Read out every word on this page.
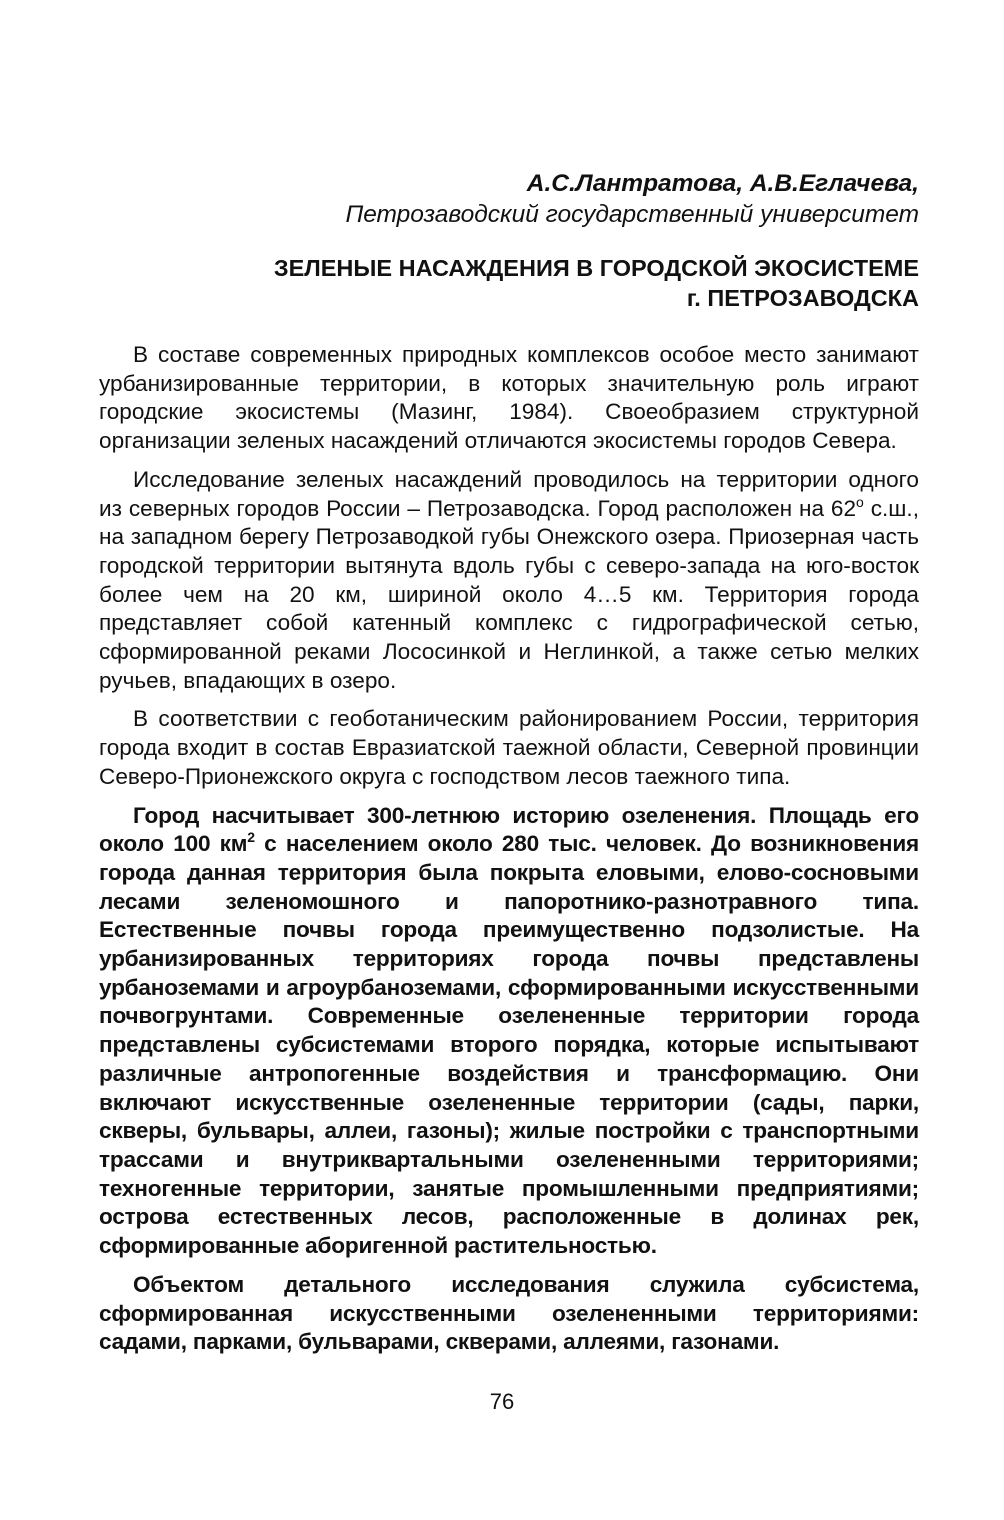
А.С.Лантратова, А.В.Еглачева,
Петрозаводский государственный университет
ЗЕЛЕНЫЕ НАСАЖДЕНИЯ В ГОРОДСКОЙ ЭКОСИСТЕМЕ
г. ПЕТРОЗАВОДСКА

В составе современных природных комплексов особое место занимают урбанизированные территории, в которых значительную роль играют городские экосистемы (Мазинг, 1984). Своеобразием структурной организации зеленых насаждений отличаются экосистемы городов Севера.

Исследование зеленых насаждений проводилось на территории одного из северных городов России – Петрозаводска. Город расположен на $62^о$ с.ш., на западном берегу Петрозаводкой губы Онежского озера. Приозерная часть городской территории вытянута вдоль губы с северо-запада на юго-восток более чем на 20 км, шириной около 4…5 км. Территория города представляет собой катенный комплекс с гидрографической сетью, сформированной реками Лососинкой и Неглинкой, а также сетью мелких ручьев, впадающих в озеро.

В соответствии с геоботаническим районированием России, территория города входит в состав Евразиатской таежной области, Северной провинции Северо-Прионежского округа с господством лесов таежного типа.

Город насчитывает 300-летнюю историю озеленения. Площадь его около 100 $км^2$ с населением около 280 тыс. человек. До возникновения города данная территория была покрыта еловыми, елово-сосновыми лесами зеленомошного и папоротнико-разнотравного типа. Естественные почвы города преимущественно подзолистые. На урбанизированных территориях города почвы представлены урбаноземами и агроурбаноземами, сформированными искусственными почвогрунтами. Современные озелененные территории города представлены субсистемами второго порядка, которые испытывают различные антропогенные воздействия и трансформацию. Они включают искусственные озелененные территории (сады, парки, скверы, бульвары, аллеи, газоны); жилые постройки с транспортными трассами и внутриквартальными озелененными территориями; техногенные территории, занятые промышленными предприятиями; острова естественных лесов, расположенные в долинах рек, сформированные аборигенной растительностью.

Объектом детального исследования служила субсистема, сформированная искусственными озелененными территориями: садами, парками, бульварами, скверами, аллеями, газонами.

76
